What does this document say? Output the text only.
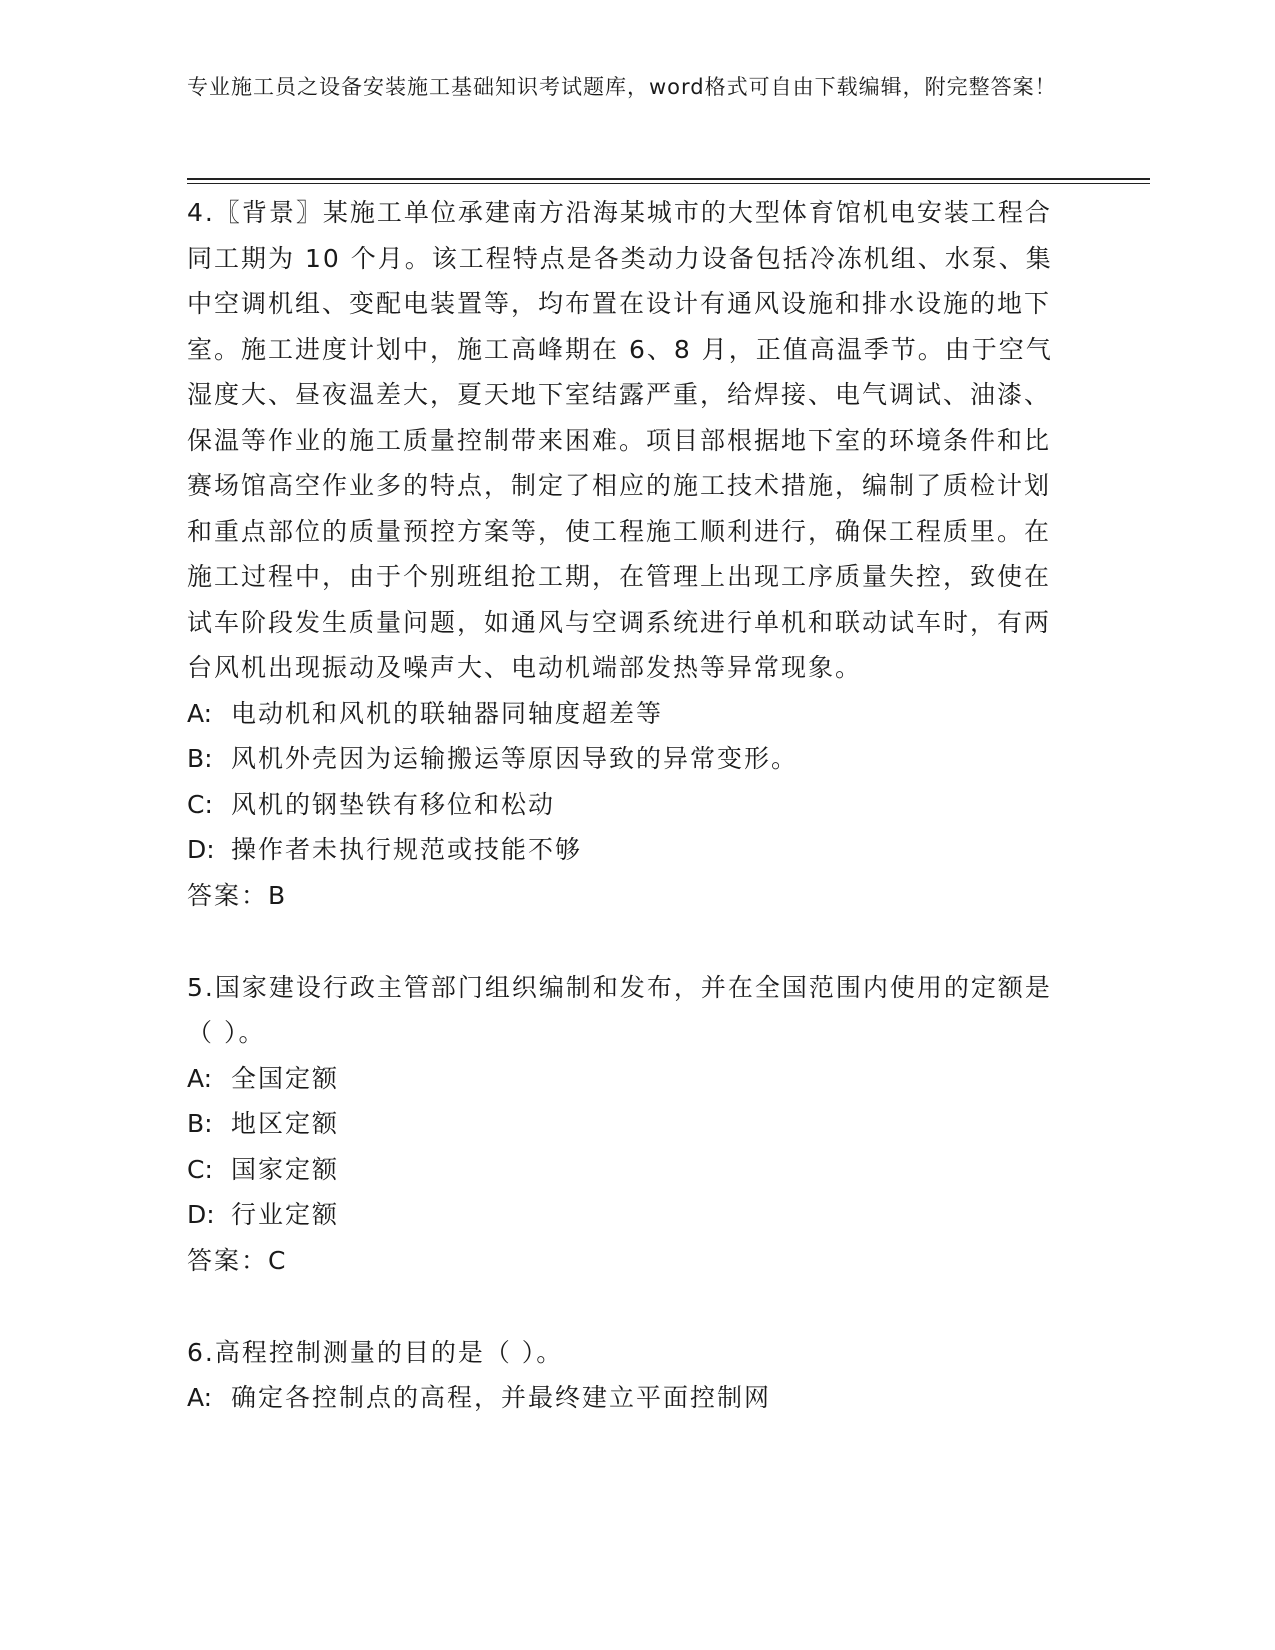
专业施工员之设备安装施工基础知识考试题库，word格式可自由下载编辑，附完整答案！

4.〖背景〗某施工单位承建南方沿海某城市的大型体育馆机电安装工程合同工期为 10 个月。该工程特点是各类动力设备包括冷冻机组、水泵、集中空调机组、变配电装置等，均布置在设计有通风设施和排水设施的地下室。施工进度计划中，施工高峰期在 6、8 月，正值高温季节。由于空气湿度大、昼夜温差大，夏天地下室结露严重，给焊接、电气调试、油漆、保温等作业的施工质量控制带来困难。项目部根据地下室的环境条件和比赛场馆高空作业多的特点，制定了相应的施工技术措施，编制了质检计划和重点部位的质量预控方案等，使工程施工顺利进行，确保工程质里。在施工过程中，由于个别班组抢工期，在管理上出现工序质量失控，致使在试车阶段发生质量问题，如通风与空调系统进行单机和联动试车时，有两台风机出现振动及噪声大、电动机端部发热等异常现象。

A: 电动机和风机的联轴器同轴度超差等

B: 风机外壳因为运输搬运等原因导致的异常变形。

C: 风机的钢垫铁有移位和松动

D: 操作者未执行规范或技能不够

答案：B

5.国家建设行政主管部门组织编制和发布，并在全国范围内使用的定额是（ ）。

A: 全国定额

B: 地区定额

C: 国家定额

D: 行业定额

答案：C

6.高程控制测量的目的是（ ）。

A: 确定各控制点的高程，并最终建立平面控制网
